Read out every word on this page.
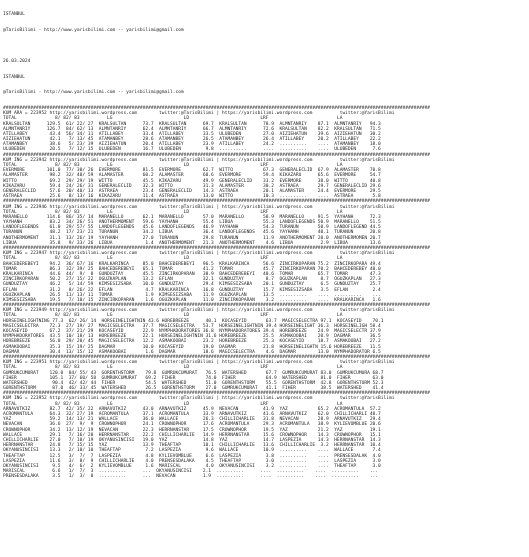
ISTANBUL

@TarisBilimi - http://www.yarisbilimi.com -- yarisbilimi@gmail.com

26.03.2024

ISTANBUL

@TarisBilimi - http://www.yarisbilimi.com -- yarisbilimi@gmail.com

############################################################################################################################################################
KUM ARA = 223952 http://yarisbilimi.wordpress.com        twitter:@TarisBilimi | https://yarisbilimi.wordpress.com          twitter:@YarisBilimi
TOTAL              8/ 82/ 83          LG                          LD                          LRF                         LA
KRALSULTAN      129.5  61/ 22/ 27  KRALSULTAN      73.7  KRALSULTAN      69.7  KRALSULTAN      78.9  ALMNTANRIY    87.1  ALMNTANRIY   94.3
ALMNTANRIY      126.7  84/ 62/ 13  ALMNTANRIY      62.4  ALMNTANRIY      66.7  ALMNTANRIY      72.6  KRALSULTAN    82.2  KRALSULTAN   71.5
ATILLABEY        43.4  56/ 34/ 11  ATILLABEY       33.4  ATILLABEY       33.5  ULUBEDEN        27.0  AIZIEHATUN    39.6  AIZIEHATUN   30.2
AIZIEHATUN       42.1   7/ 13/ 45  ATAMANBEY       28.6  ATAMANBEY       26.5  ATAMANBEY       26.4  ATILLABEY     20.2  ATILLABEY    22.2
ATAMANBEY        38.6   5/ 23/ 39  AIZIEHATUN      20.4  ATILLABEY       23.9  ATILLABEY       24.2  ..........    ....  ATAMANBEY    18.0
ULUBEDEN         20.5   7/ 12/ 15  ULUBEDEN        16.7  ULUBEDEN         9.8  ..........      ....  ..........    ....  ULUBEDEN      7.6
############################################################################################################################################################
KUM ING = 223942 http://yarisbilimi.wordpress.com        twitter:@TarisBilimi | https://yarisbilimi.wordpress.com          twitter:@YarisBilimi
TOTAL              8/ 82/ 83          LG                          LD                          LRF                         LA
EVERMORE        101.0  77/ 30/ 26  EVERMORE        81.5  EVERMORE        62.7  WITTO           67.3  GENERALECLID  67.9  ALAMASTER    70.8
ALAMASTER        98.2  32/ 40/ 59  ALAMASTER       60.2  ALAMASTER       60.6  EVERMORE        59.4  KIKAZARU      65.6  EVERMORE     54.7
WITTO            69.2  29/ 29/ 19  WITTO           45.5  KIKAZARU        49.9  GENERALECLID    33.2  EVERMORE      38.0  WITTO        40.8
KIKAZARU         59.4  24/ 26/ 31  GENERALECLID    32.3  WITTO           31.3  ALAMASTER       30.2  ASTRAEA       29.7  GENERALECLID 29.6
GENERALECLID     57.6  20/ 40/ 13  ASTRAEA         23.4  GENERALECLID    14.3  ASTRAEA         20.1  ALAMASTER     24.4  EVERMORE     29.5
ASTRAEA          25.6   8/ 13/ 16  KIKAZARU        11.4  ASTRAEA         13.0  WITTO           10.3  ..........    ....  ASTRAEA       5.8
############################################################################################################################################################
KUM ING = 223946 http://yarisbilimi.wordpress.com        twitter:@TarisBilimi | https://yarisbilimi.wordpress.com          twitter:@YarisBilimi
TOTAL              8/ 82/ 83          LG                          LD                          LRF                         LA
MARANELLO       114.6  86/ 35/ 14  MARANELLO       62.1  MARANELLO       57.0  MARANELLO       58.9  MARANELLO     91.5  YAYHANH      72.3
YAYHANH          83.2  34/ 26/ 51  ANOTHERMOMENT   59.6  YAYHANH         55.4  LIBUA           55.3  LANDOFLEGENDS 50.9  MARANELLO    51.5
LANDOFLEGENDS    61.0  29/ 57/ 55  LANDOFLEGENDS   45.6  LANDOFLEGENDS   46.9  YAYHANH         54.3  TURANUN       50.9  LANDOFLEGEND 44.5
TURANUN          48.2  17/ 23/ 21  TURANUN         34.2  LIBUA           36.4  LANDOFLEGENDS   45.6  YAYHANH       40.1  TURANUN      20.8
ANOTHERMOMENT    31.1  13/ 26/ 19  YAYHANH         27.0  TURANUN         29.8  TURANUN         11.9  ANOTHERMOMENT 20.0  ANOTHERMOMEN 20.7
LIBUA            35.8   9/ 33/ 26  LIBUA            1.4  ANOTHERMOMENT   21.3  ANOTHERMOMENT    4.6  LIBUA          2.9  LIBUA        13.6
############################################################################################################################################################
KUM ING = 223947 http://yarisbilimi.wordpress.com        twitter:@TarisBilimi | https://yarisbilimi.wordpress.com          twitter:@YarisBilimi
TOTAL              8/ 82/ 83          LG                          LD                          LRF                         LA
BAHCEDEREBEYI    94.2  36/ 67/ 16  KRALKARINCA     85.0  BAHCEDEREBEYI   96.5  KRALKARINCA     56.6  ZINCIRKOPARAN 75.2  ZINCIRKOPARA 49.4
TOMAR            86.3  32/ 39/ 25  BAHCEDEREBEYI   65.1  TOMAR           41.2  TOMAR           45.7  ZINCIRKOPARAN 70.2  BAHCEDEREBEY 48.0
KRALKARINCA      44.6  44/  9/  8  GUNDUZTAY       45.5  ZINCIRKOPARAN   38.9  BAHCEDEREBEYI   40.6  TOMAR         65.7  TOMAR        47.3
ZINCIRKOPARAN    50.2  27/ 15/ 22  OGUZKAPLAN      13.2  EFLAN           32.1  GUNDUZTAY        8.7  OGUZKAPLAN     8.7  OGUZKAPLAN   27.3
GUNDUZTAY        46.2   5/ 14/ 59  KIMSESIZSABA    10.0  GUNDUZTAY       29.4  KIMSESIZSABA    20.1  GUNDUZTAY      6.5  GUNDUZTAY    25.7
EFLAN            31.2   8/ 26/ 22  EFLAN            4.7  KRALKARINCA     16.8  GUNDUZTAY       15.7  KIMSESIZSABA   3.5  EFLAN         2.4
OGUZKAPLAN       26.5  11/ 13/ 11  TOMAR            1.9  KIMSESIZSABA    11.9  OGUZKAPLAN      13.5  ..........    ....  ..........    ...
KIMSESIZSABA     19.5   7/ 10/ 15  ZINCIRKOPARAN    1.6  OGUZKAPLAN      11.0  ZINCIRKOPARAN    3.2  ..........    ....  KRALKARINCA   1.6
############################################################################################################################################################
KUM ING = 223949 http://yarisbilimi.wordpress.com        twitter:@TarisBilimi | https://yarisbilimi.wordpress.com          twitter:@YarisBilimi
TOTAL              8/ 82/ 83          LG                          LD                          LRF                         LA
HORSEINELIGHTNING 77.3  62/ 26/ 14  HORSEINELIGHTNIN 43.6 HOREBREEZE      40.1  KOCASEYID       63.7  MAGICSELECTRA 97.1  KOCASEYID    70.1
MAGICSELECTRA    72.3  27/ 19/ 27  MAGICSELECTRA   37.7  MAGICSELECTRA   53.7  HORSEINELIGHTNIN 39.4 HORSEINELIGHT 36.3  HORSEINELIGH 58.4
KOCASEYID        67.2  37/ 21/ 29  KOCASEYID       22.9  NYMPHADORATORES 36.8  NYMPHADORATORES 39.4  HOREBREEZE    24.9  MAGICSELECTR 37.9
NYMPHADORATORES  43.5  10/ 18/ 13  HOREBREEZE      22.1  HORSEINELIGHTNIN 31.6 HOREBREEZE      25.5  ASMAKOOBAI    20.9  DAGMAR       36.5
HOREBREEZE       56.0  29/ 20/ 45  MAGICSELECTRA   12.2  ASMAKOOBAI      23.2  HOREBREEZE      25.3  KOCASEYID     18.7  ASMAKOOBAI   27.2
ASMAKOOBAI       35.3  15/ 19/ 25  DAGMAR          10.0  KOCASEYID       19.0  DAGMAR          21.8  HORSEINELIGHTN 15.6 HOREBREEZE   11.5
DAGMAR           30.4  13/ 15/ 12  ASMAKOOBAI       1.6  DAGMAR          18.6  MAGICSELECTRA    4.6  DAGMAR        13.0  NYMPHADORATOR 6.5
############################################################################################################################################################
KUM ING = 223951 http://yarisbilimi.wordpress.com        twitter:@TarisBilimi | https://yarisbilimi.wordpress.com          twitter:@YarisBilimi
TOTAL              8/ 82/ 83          LG                          LD                          LRF                         LA
GUMRUKCUMURAT    120.0  84/ 55/ 43  GORENTHSTORM    79.8  GUMRUKCUMURAT   76.5  WATERSHED       67.7  GUMRUKCUMURAT 83.0  GUMRUKCUMURA 68.7
FIHER            105.1  37/ 60/ 58  GUMRUKCUMURAT   69.2  FIHER           74.0  FIHER           64.9  WATERSHED     81.0  FIHER        63.0
WATERSHED         90.4  42/ 42/ 44  FIHER           54.5  WATERSHED       51.0  GORENTHSTORM    55.5  GORENTHSTORM  42.8  GORENTHSTORM 52.3
GORENTHSTORM      87.0  46/ 33/ 45  WATERSHED       26.5  GORENTHSTORM    27.0  GUMRUKCUMURAT   41.1  FIHER         38.5  WATERSHED    41.4
############################################################################################################################################################
KUM ING = 223952 http://yarisbilimi.wordpress.com        twitter:@TarisBilimi | https://yarisbilimi.wordpress.com          twitter:@YarisBilimi
TOTAL              8/ 82/ 83          LG                          LD                          LRF                         LA
ARNAVUTKIZ       82.7  42/ 35/ 22  ARNAVUTKIZ      43.0  ARNAVUTKIZ      45.9  NEVACAN         41.9  YAZ           65.2  ACROMANTULA  57.2
ACROMANTULA      64.3  32/ 27/ 19  ACROMANTULA     37.1  ACROMANTULA     33.9  ARNAVUTKIZ      41.6  ARNAVUTKIZ    62.0  CHILLICHARLI 48.7
YAZ              59.2  14/ 13/ 21  WALLACE         36.0  WALLACE         26.3  CHILLICHARLIE   31.8  NEVACAN       28.9  ARNAVUTKIZ   29.4
NEVACAN          36.6  27/  9/  9  CROWNOPHOR      24.1  CROWNOPHOR      17.6  ACROMANTULA     29.3  ACROMANTULA   38.9  KYLIEVOMBLUE 20.6
CROWNOPHOR       34.2  13/ 12/ 19  NEVACAN         22.3  HERRNANSTAR     17.5  CROWNOPHOR      19.5  YAZ           21.2  YAZ          19.1
WALLACE          29.1   7/ 16/ 20  HERRNANSTAR     22.2  CHILLICHARLIE   14.9  HERRNANSTAR     15.6  CROWNOPHOR    14.3  CROWNOPHOR   15.1
CHILLICHARLIE    27.0   7/ 10/ 19  OKYANUSINCISI   19.0  YAZ             14.8  YAZ             14.7  LASPEZIA      14.3  HERRNANSTAR  14.3
HERRNANSTAR      24.8   7/ 15/ 15  YAZ             13.9  THEAFTAP        10.1  CHILLICHARLIE   13.6  CHILLICHARLIE  3.2  HERRNANSTAR  10.4
OKYANUSINCISI    13.3   2/ 10/ 10  THEAFTAP         7.2  LASPEZIA         9.6  WALLACE         10.9  ..........    ....  WALLACE       7.4
THEAFTAP         12.5   3/  7/  7  LASPEZIA         4.8  KYLIEVOMBLUE     6.6  LASPEZIA         3.8  ..........    ....  PRENSESDALAK  4.0
LASPEZIA         11.6   3/  8/  9  CHILLICHARLIE    4.0  PRENSESDALAKA    4.5  THEAFTAP         3.0  ..........    ....  LASPEZIA      3.0
OKYANUSINCISI     9.5   4/  6/  2  KYLIEVOMBLUE     1.6  MARISCAL         4.0  OKYANUSINCISI    3.2  ..........    ....  THEAFTAP      3.0
MARISCAL          6.6   1/  7/  3  ..........      ...  OKYANUSINCISI    2.1  ..........      ....  ..........    ....  ..........    ...
PRENSESDALAKA     3.5   1/  3/  0  ..........      ...  NEVACAN          1.9  ..........      ....  ..........    ....  ..........    ...
